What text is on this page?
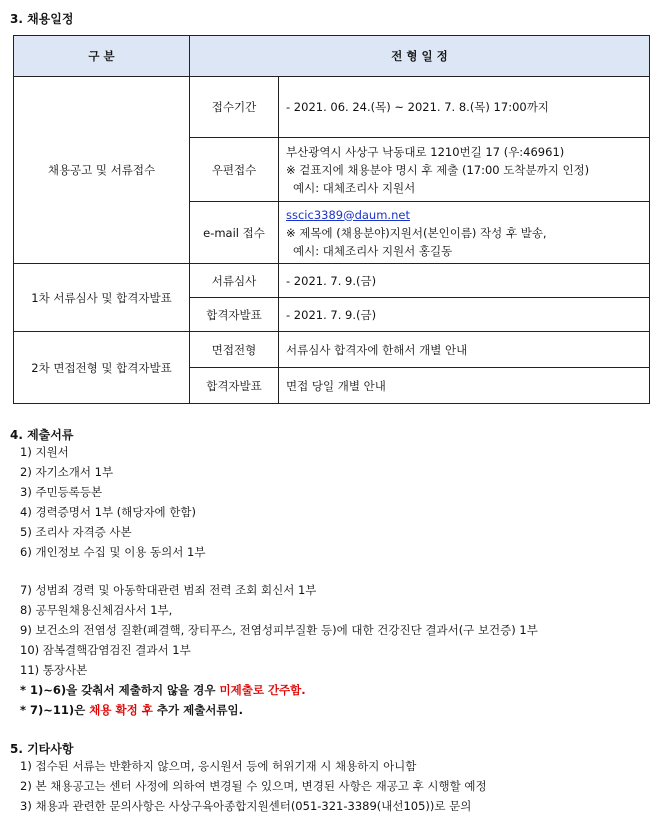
3. 채용일정
구 분	전 형 일 정	
채용공고 및 서류접수	접수기간	- 2021. 06. 24.(목) ~ 2021. 7. 8.(목) 17:00까지
	우편접수	부산광역시 사상구 낙동대로 1210번길 17 (우:46961)
※ 겉표지에 채용분야 명시 후 제출 (17:00 도착분까지 인정)
예시: 대체조리사 지원서

	e-mail 접수	sscic3389@daum.net
※ 제목에 (채용분야)지원서(본인이름) 작성 후 발송,
예시: 대체조리사 지원서 홍길동

1차 서류심사 및 합격자발표	서류심사	- 2021. 7. 9.(금)
	합격자발표	- 2021. 7. 9.(금)
2차 면접전형 및 합격자발표	면접전형	서류심사 합격자에 한해서 개별 안내
	합격자발표	면접 당일 개별 안내
4. 제출서류
1) 지원서
2) 자기소개서 1부
3) 주민등록등본
4) 경력증명서 1부 (해당자에 한함)
5) 조리사 자격증 사본
6) 개인정보 수집 및 이용 동의서 1부
7) 성범죄 경력 및 아동학대관련 범죄 전력 조회 회신서 1부
8) 공무원채용신체검사서 1부,
9) 보건소의 전염성 질환(폐결핵, 장티푸스, 전염성피부질환 등)에 대한 건강진단 결과서(구 보건증) 1부
10) 잠복결핵감염검진 결과서 1부
11) 통장사본
* 1)~6)을 갖춰서 제출하지 않을 경우 미제출로 간주함.
* 7)~11)은 채용 확정 후 추가 제출서류임.
5. 기타사항
1) 접수된 서류는 반환하지 않으며, 응시원서 등에 허위기재 시 채용하지 아니함
2) 본 채용공고는 센터 사정에 의하여 변경될 수 있으며, 변경된 사항은 재공고 후 시행할 예정
3) 채용과 관련한 문의사항은 사상구육아종합지원센터(051-321-3389(내선105))로 문의
